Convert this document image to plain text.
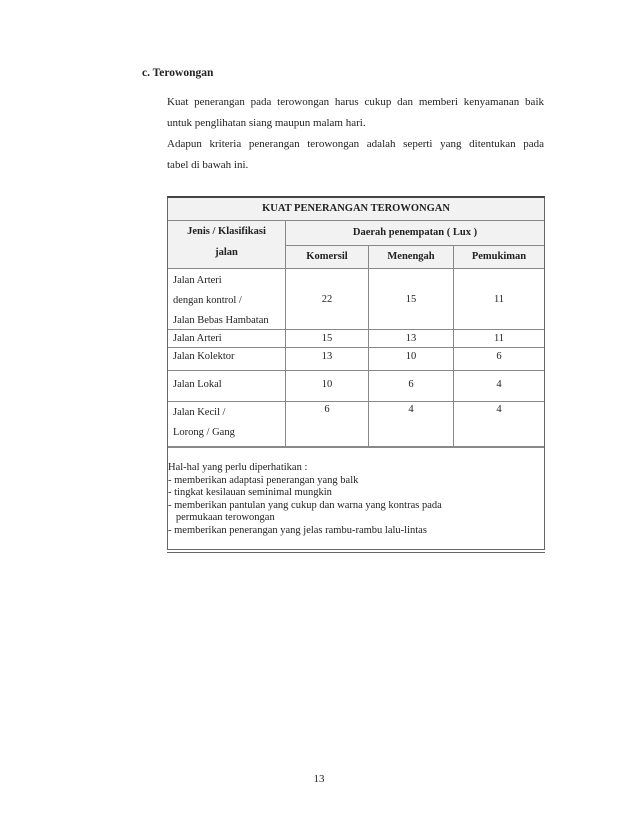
c. Terowongan
Kuat penerangan pada terowongan harus cukup dan memberi kenyamanan baik
untuk penglihatan siang maupun malam hari.
Adapun kriteria penerangan terowongan adalah seperti yang ditentukan pada
tabel di bawah ini.
KUAT PENERANGAN TEROWONGAN			

Jenis / Klasifikasi
jalan	Daerah penempatan ( Lux )		
	Komersil	Menengah	Pemukiman

Jalan Arteri
dengan kontrol /
Jalan Bebas Hambatan	22	15	11
Jalan Arteri	15	13	11
Jalan Kolektor	13	10	6
Jalan Lokal	10	6	4

Jalan Kecil /
Lorong / Gang	6	4	4
Hal-hal yang perlu diperhatikan :
- memberikan adaptasi penerangan yang balk
- tingkat kesilauan seminimal mungkin
- memberikan pantulan yang cukup dan warna yang kontras pada
permukaan terowongan
- memberikan penerangan yang jelas rambu-rambu lalu-lintas
13
